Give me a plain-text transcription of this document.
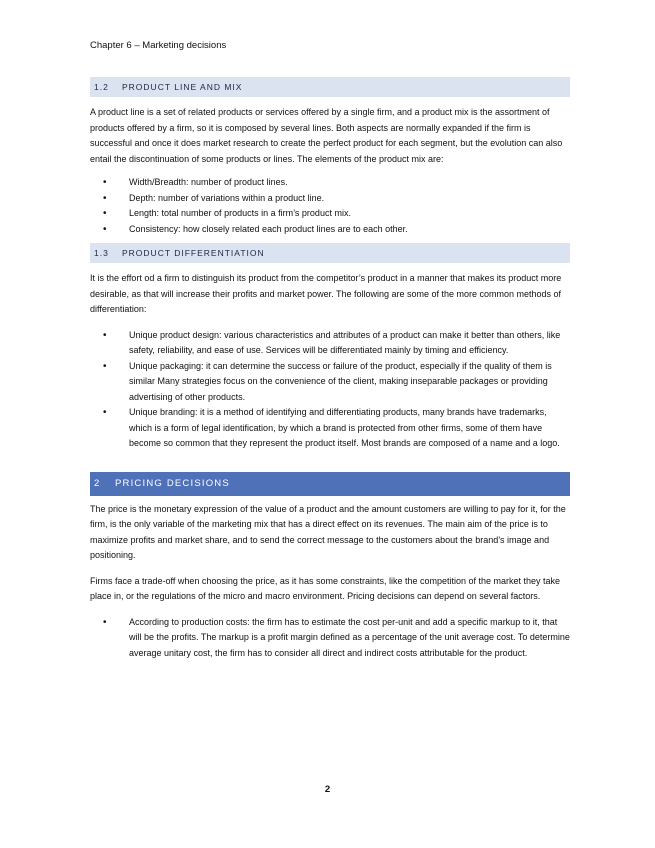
Chapter 6 – Marketing decisions
1.2	PRODUCT LINE AND MIX

A product line is a set of related products or services offered by a single firm, and a product mix is the assortment of products offered by a firm, so it is composed by several lines. Both aspects are normally expanded if the firm is successful and once it does market research to create the perfect product for each segment, but the evolution can also entail the discontinuation of some products or lines. The elements of the product mix are:

• Width/Breadth: number of product lines.
• Depth: number of variations within a product line.
• Length: total number of products in a firm’s product mix.
• Consistency: how closely related each product lines are to each other.
1.3	PRODUCT DIFFERENTIATION

It is the effort od a firm to distinguish its product from the competitor’s product in a manner that makes its product more desirable, as that will increase their profits and market power. The following are some of the more common methods of differentiation:

• Unique product design: various characteristics and attributes of a product can make it better than others, like safety, reliability, and ease of use. Services will be differentiated mainly by timing and efficiency.
• Unique packaging: it can determine the success or failure of the product, especially if the quality of them is similar Many strategies focus on the convenience of the client, making inseparable packages or providing advertising of other products.
• Unique branding: it is a method of identifying and differentiating products, many brands have trademarks, which is a form of legal identification, by which a brand is protected from other firms, some of them have become so common that they represent the product itself. Most brands are composed of a name and a logo.
2	PRICING DECISIONS

The price is the monetary expression of the value of a product and the amount customers are willing to pay for it, for the firm, is the only variable of the marketing mix that has a direct effect on its revenues. The main aim of the price is to maximize profits and market share, and to send the correct message to the customers about the brand’s image and positioning.

Firms face a trade-off when choosing the price, as it has some constraints, like the competition of the market they take place in, or the regulations of the micro and macro environment. Pricing decisions can depend on several factors.

• According to production costs: the firm has to estimate the cost per-unit and add a specific markup to it, that will be the profits. The markup is a profit margin defined as a percentage of the unit average cost. To determine average unitary cost, the firm has to consider all direct and indirect costs attributable for the product.
2
